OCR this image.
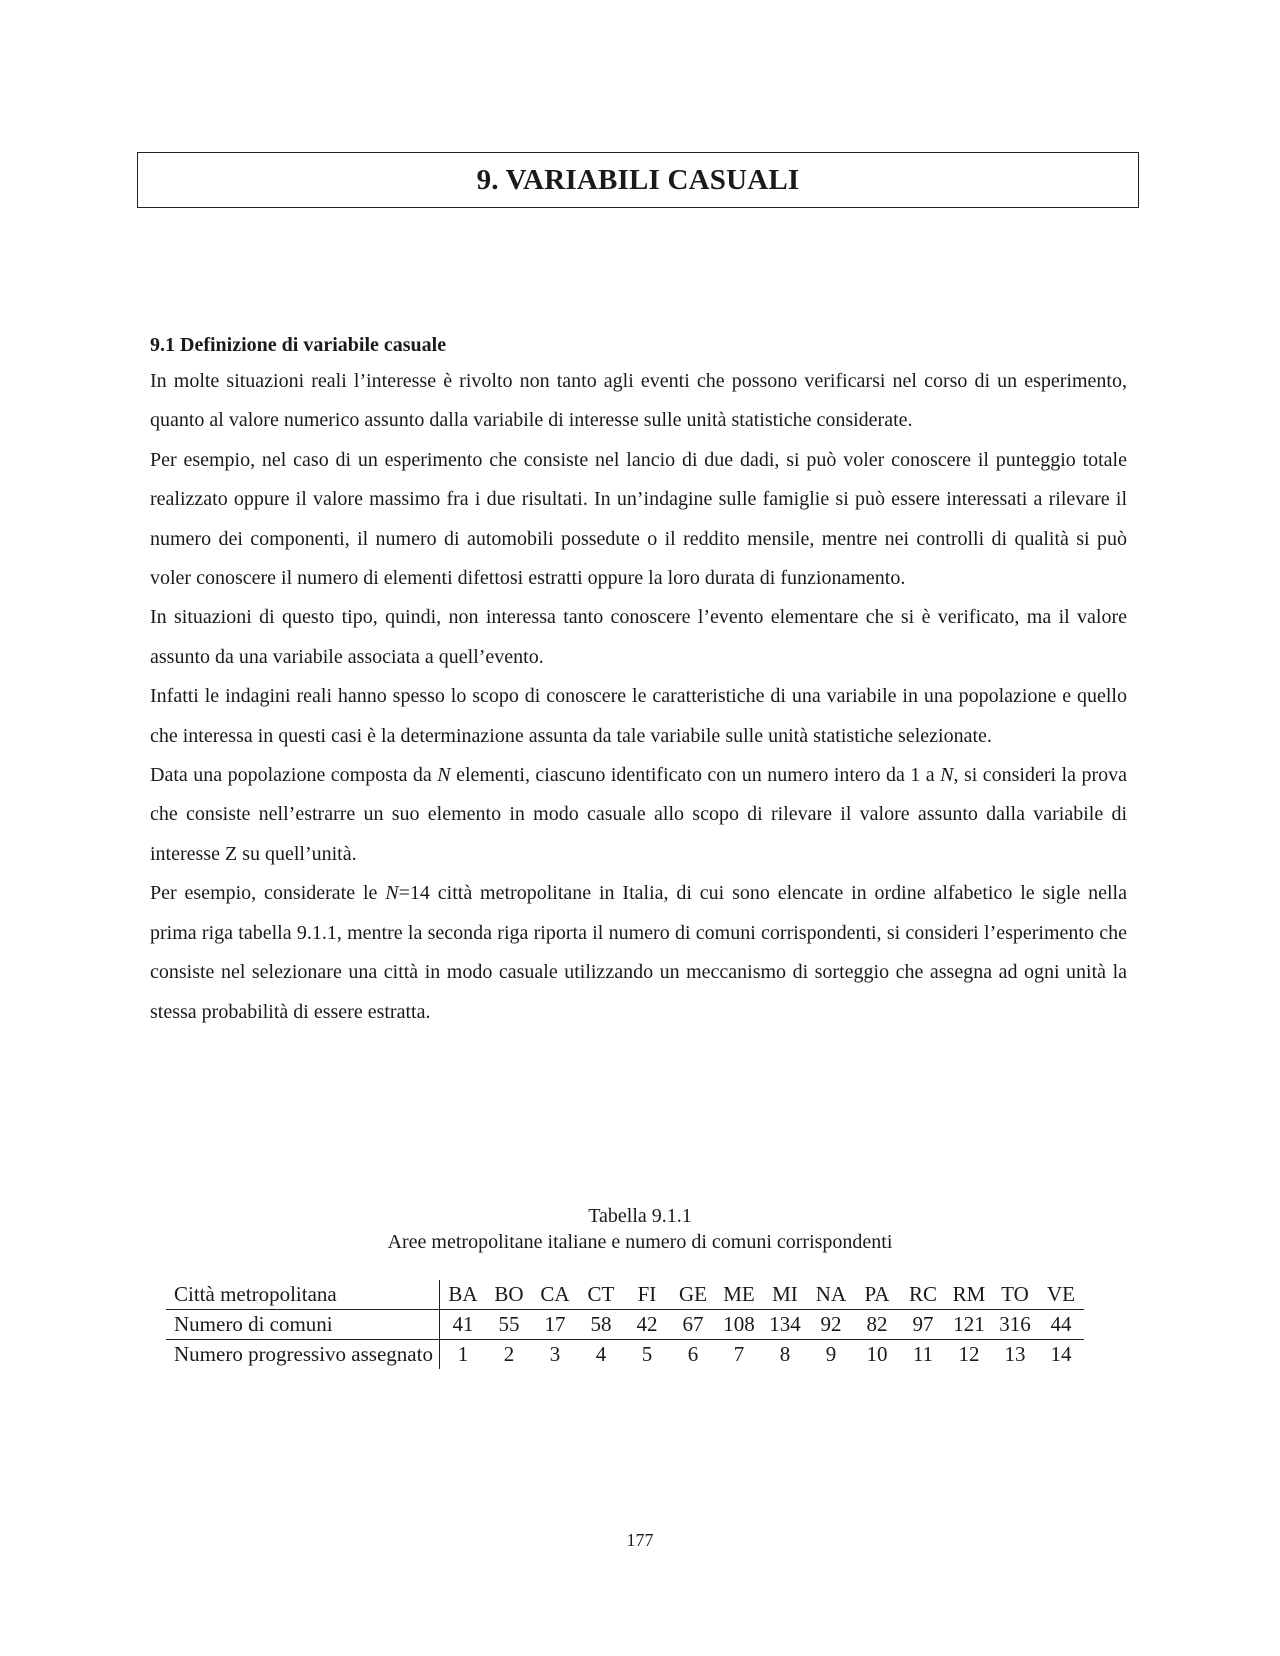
9. VARIABILI CASUALI

9.1 Definizione di variabile casuale

In molte situazioni reali l’interesse è rivolto non tanto agli eventi che possono verificarsi nel corso di un esperimento, quanto al valore numerico assunto dalla variabile di interesse sulle unità statistiche considerate.

Per esempio, nel caso di un esperimento che consiste nel lancio di due dadi, si può voler conoscere il punteggio totale realizzato oppure il valore massimo fra i due risultati. In un’indagine sulle famiglie si può essere interessati a rilevare il numero dei componenti, il numero di automobili possedute o il reddito mensile, mentre nei controlli di qualità si può voler conoscere il numero di elementi difettosi estratti oppure la loro durata di funzionamento.

In situazioni di questo tipo, quindi, non interessa tanto conoscere l’evento elementare che si è verificato, ma il valore assunto da una variabile associata a quell’evento.

Infatti le indagini reali hanno spesso lo scopo di conoscere le caratteristiche di una variabile in una popolazione e quello che interessa in questi casi è la determinazione assunta da tale variabile sulle unità statistiche selezionate.

Data una popolazione composta da N elementi, ciascuno identificato con un numero intero da 1 a N, si consideri la prova che consiste nell’estrarre un suo elemento in modo casuale allo scopo di rilevare il valore assunto dalla variabile di interesse Z su quell’unità.

Per esempio, considerate le N=14 città metropolitane in Italia, di cui sono elencate in ordine alfabetico le sigle nella prima riga tabella 9.1.1, mentre la seconda riga riporta il numero di comuni corrispondenti, si consideri l’esperimento che consiste nel selezionare una città in modo casuale utilizzando un meccanismo di sorteggio che assegna ad ogni unità la stessa probabilità di essere estratta.

Tabella 9.1.1
Aree metropolitane italiane e numero di comuni corrispondenti
Città metropolitana	BA	BO	CA	CT	FI	GE	ME	MI	NA	PA	RC	RM	TO	VE
Numero di comuni	41	55	17	58	42	67	108	134	92	82	97	121	316	44
Numero progressivo assegnato	1	2	3	4	5	6	7	8	9	10	11	12	13	14
177
